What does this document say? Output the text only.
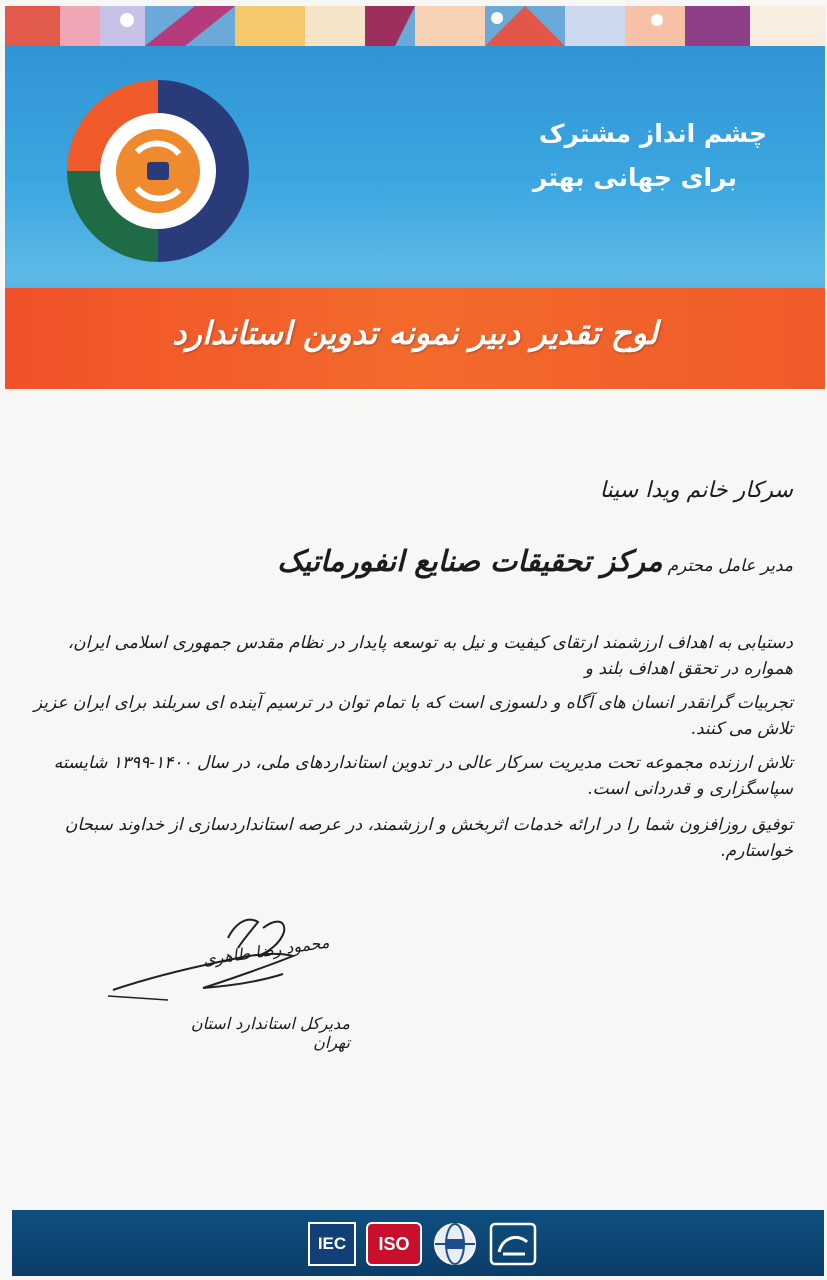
چشم انداز مشترک
برای جهانی بهتر
لوح تقدیر دبیر نمونه تدوین استاندارد
سرکار خانم ویدا سینا
مدیر عامل محترم مرکز تحقیقات صنایع انفورماتیک
دستیابی به اهداف ارزشمند ارتقای کیفیت و نیل به توسعه پایدار در نظام مقدس جمهوری اسلامی ایران، همواره در تحقق اهداف بلند و
تجربیات گرانقدر انسان های آگاه و دلسوزی است که با تمام توان در ترسیم آینده ای سربلند برای ایران عزیز تلاش می کنند.
تلاش ارزنده مجموعه تحت مدیریت سرکار عالی در تدوین استانداردهای ملی، در سال ۱۴۰۰-۱۳۹۹ شایسته سپاسگزاری و قدردانی است.
توفیق روزافزون شما را در ارائه خدمات اثربخش و ارزشمند، در عرصه استانداردسازی از خداوند سبحان خواستارم.
محمود رضا طاهری
مدیرکل استاندارد استان تهران
IEC	ISO
